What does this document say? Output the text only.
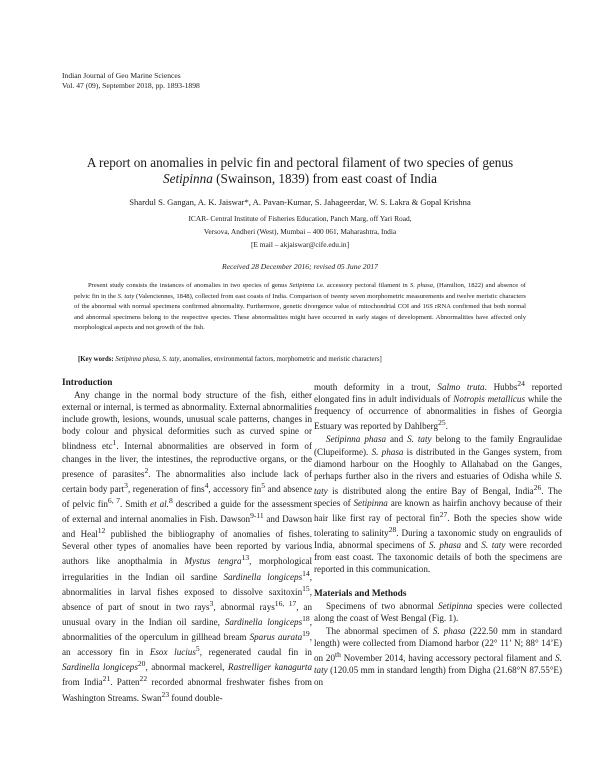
Indian Journal of Geo Marine Sciences
Vol. 47 (09), September 2018, pp. 1893-1898
A report on anomalies in pelvic fin and pectoral filament of two species of genus
Setipinna (Swainson, 1839) from east coast of India
Shardul S. Gangan, A. K. Jaiswar*, A. Pavan-Kumar, S. Jahageerdar, W. S. Lakra & Gopal Krishna
ICAR- Central Institute of Fisheries Education, Panch Marg, off Yari Road,
Versova, Andheri (West), Mumbai – 400 061, Maharashtra, India
[E mail – akjaiswar@cife.edu.in]
Received 28 December 2016; revised 05 June 2017
Present study consists the instances of anomalies in two species of genus Setipinna i.e. accessory pectoral filament in S. phasa, (Hamilton, 1822) and absence of pelvic fin in the S. taty (Valenciennes, 1848), collected from east coasts of India. Comparison of twenty seven morphometric measurements and twelve meristic characters of the abnormal with normal specimens confirmed abnormality. Furthermore, genetic divergence value of mitochondrial COI and 16S rRNA confirmed that both normal and abnormal specimens belong to the respective species. These abnormalities might have occurred in early stages of development. Abnormalities have affected only morphological aspects and not growth of the fish.
[Key words: Setipinna phasa, S. taty, anomalies, environmental factors, morphometric and meristic characters]
Introduction

Any change in the normal body structure of the fish, either external or internal, is termed as abnormality. External abnormalities include growth, lesions, wounds, unusual scale patterns, changes in body colour and physical deformities such as curved spine or blindness etc$^1$. Internal abnormalities are observed in form of changes in the liver, the intestines, the reproductive organs, or the presence of parasites$^2$. The abnormalities also include lack of certain body part$^3$, regeneration of fins$^4$, accessory fin$^5$ and absence of pelvic fin$^{6, 7}$. Smith et al.$^8$ described a guide for the assessment of external and internal anomalies in Fish. Dawson$^{9-11}$ and Dawson and Heal$^{12}$ published the bibliography of anomalies of fishes. Several other types of anomalies have been reported by various authors like anopthalmia in Mystus tengra$^{13}$, morphological irregularities in the Indian oil sardine Sardinella longiceps$^{14}$, abnormalities in larval fishes exposed to dissolve saxitoxin$^{15}$, absence of part of snout in two rays$^3$, abnormal rays$^{16, 17}$, an unusual ovary in the Indian oil sardine, Sardinella longiceps$^{18}$, abnormalities of the operculum in gillhead bream Sparus aurata$^{19}$, an accessory fin in Esox lucius$^5$, regenerated caudal fin in Sardinella longiceps$^{20}$, abnormal mackerel, Rastrelliger kanagurta from India$^{21}$. Patten$^{22}$ recorded abnormal freshwater fishes from Washington Streams. Swan$^{23}$ found double-

mouth deformity in a trout, Salmo truta. Hubbs$^{24}$ reported elongated fins in adult individuals of Notropis metallicus while the frequency of occurrence of abnormalities in fishes of Georgia Estuary was reported by Dahlberg$^{25}$.

Setipinna phasa and S. taty belong to the family Engraulidae (Clupeiforme). S. phasa is distributed in the Ganges system, from diamond harbour on the Hooghly to Allahabad on the Ganges, perhaps further also in the rivers and estuaries of Odisha while S. taty is distributed along the entire Bay of Bengal, India$^{26}$. The species of Setipinna are known as hairfin anchovy because of their hair like first ray of pectoral fin$^{27}$. Both the species show wide tolerating to salinity$^{28}$. During a taxonomic study on engraulids of India, abnormal specimens of S. phasa and S. taty were recorded from east coast. The taxonomic details of both the specimens are reported in this communication.

Materials and Methods

Specimens of two abnormal Setipinna species were collected along the coast of West Bengal (Fig. 1).

The abnormal specimen of S. phasa (222.50 mm in standard length) were collected from Diamond harbor (22° 11’ N; 88° 14’E) on 20th November 2014, having accessory pectoral filament and S. taty (120.05 mm in standard length) from Digha (21.68°N 87.55°E) on
